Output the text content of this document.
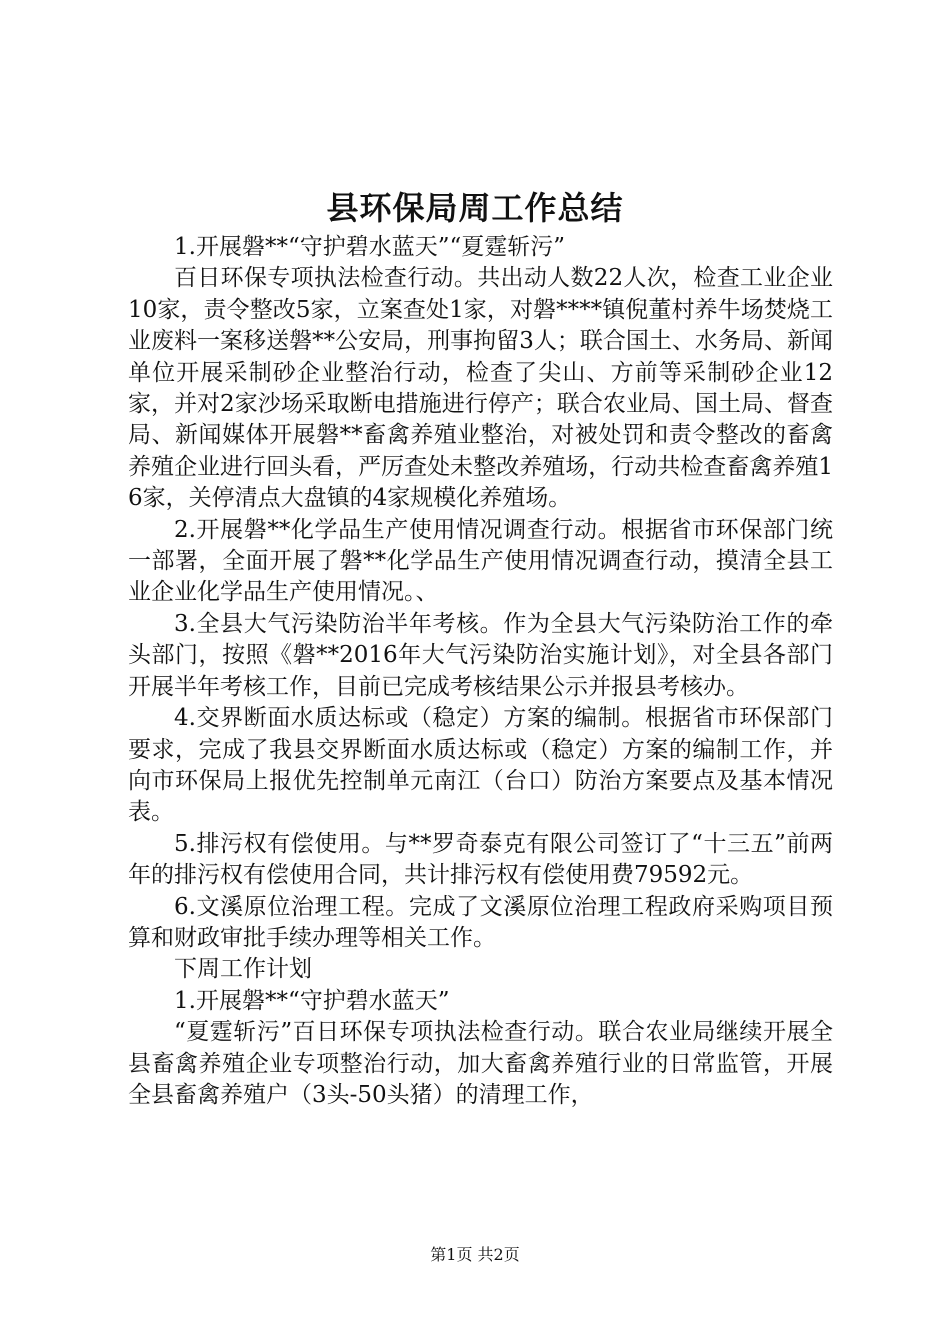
县环保局周工作总结

1.开展磐**“守护碧水蓝天”“夏霆斩污”

百日环保专项执法检查行动。共出动人数22人次，检查工业企业10家，责令整改5家，立案查处1家，对磐****镇倪董村养牛场焚烧工业废料一案移送磐**公安局，刑事拘留3人；联合国土、水务局、新闻单位开展采制砂企业整治行动，检查了尖山、方前等采制砂企业12家，并对2家沙场采取断电措施进行停产；联合农业局、国土局、督查局、新闻媒体开展磐**畜禽养殖业整治，对被处罚和责令整改的畜禽养殖企业进行回头看，严厉查处未整改养殖场，行动共检查畜禽养殖16家，关停清点大盘镇的4家规模化养殖场。

2.开展磐**化学品生产使用情况调查行动。根据省市环保部门统一部署，全面开展了磐**化学品生产使用情况调查行动，摸清全县工业企业化学品生产使用情况。、

3.全县大气污染防治半年考核。作为全县大气污染防治工作的牵头部门，按照《磐**2016年大气污染防治实施计划》，对全县各部门开展半年考核工作，目前已完成考核结果公示并报县考核办。

4.交界断面水质达标或（稳定）方案的编制。根据省市环保部门要求，完成了我县交界断面水质达标或（稳定）方案的编制工作，并向市环保局上报优先控制单元南江（台口）防治方案要点及基本情况表。

5.排污权有偿使用。与**罗奇泰克有限公司签订了“十三五”前两年的排污权有偿使用合同，共计排污权有偿使用费79592元。

6.文溪原位治理工程。完成了文溪原位治理工程政府采购项目预算和财政审批手续办理等相关工作。

下周工作计划

1.开展磐**“守护碧水蓝天”

“夏霆斩污”百日环保专项执法检查行动。联合农业局继续开展全县畜禽养殖企业专项整治行动，加大畜禽养殖行业的日常监管，开展全县畜禽养殖户（3头-50头猪）的清理工作，

第1页 共2页
